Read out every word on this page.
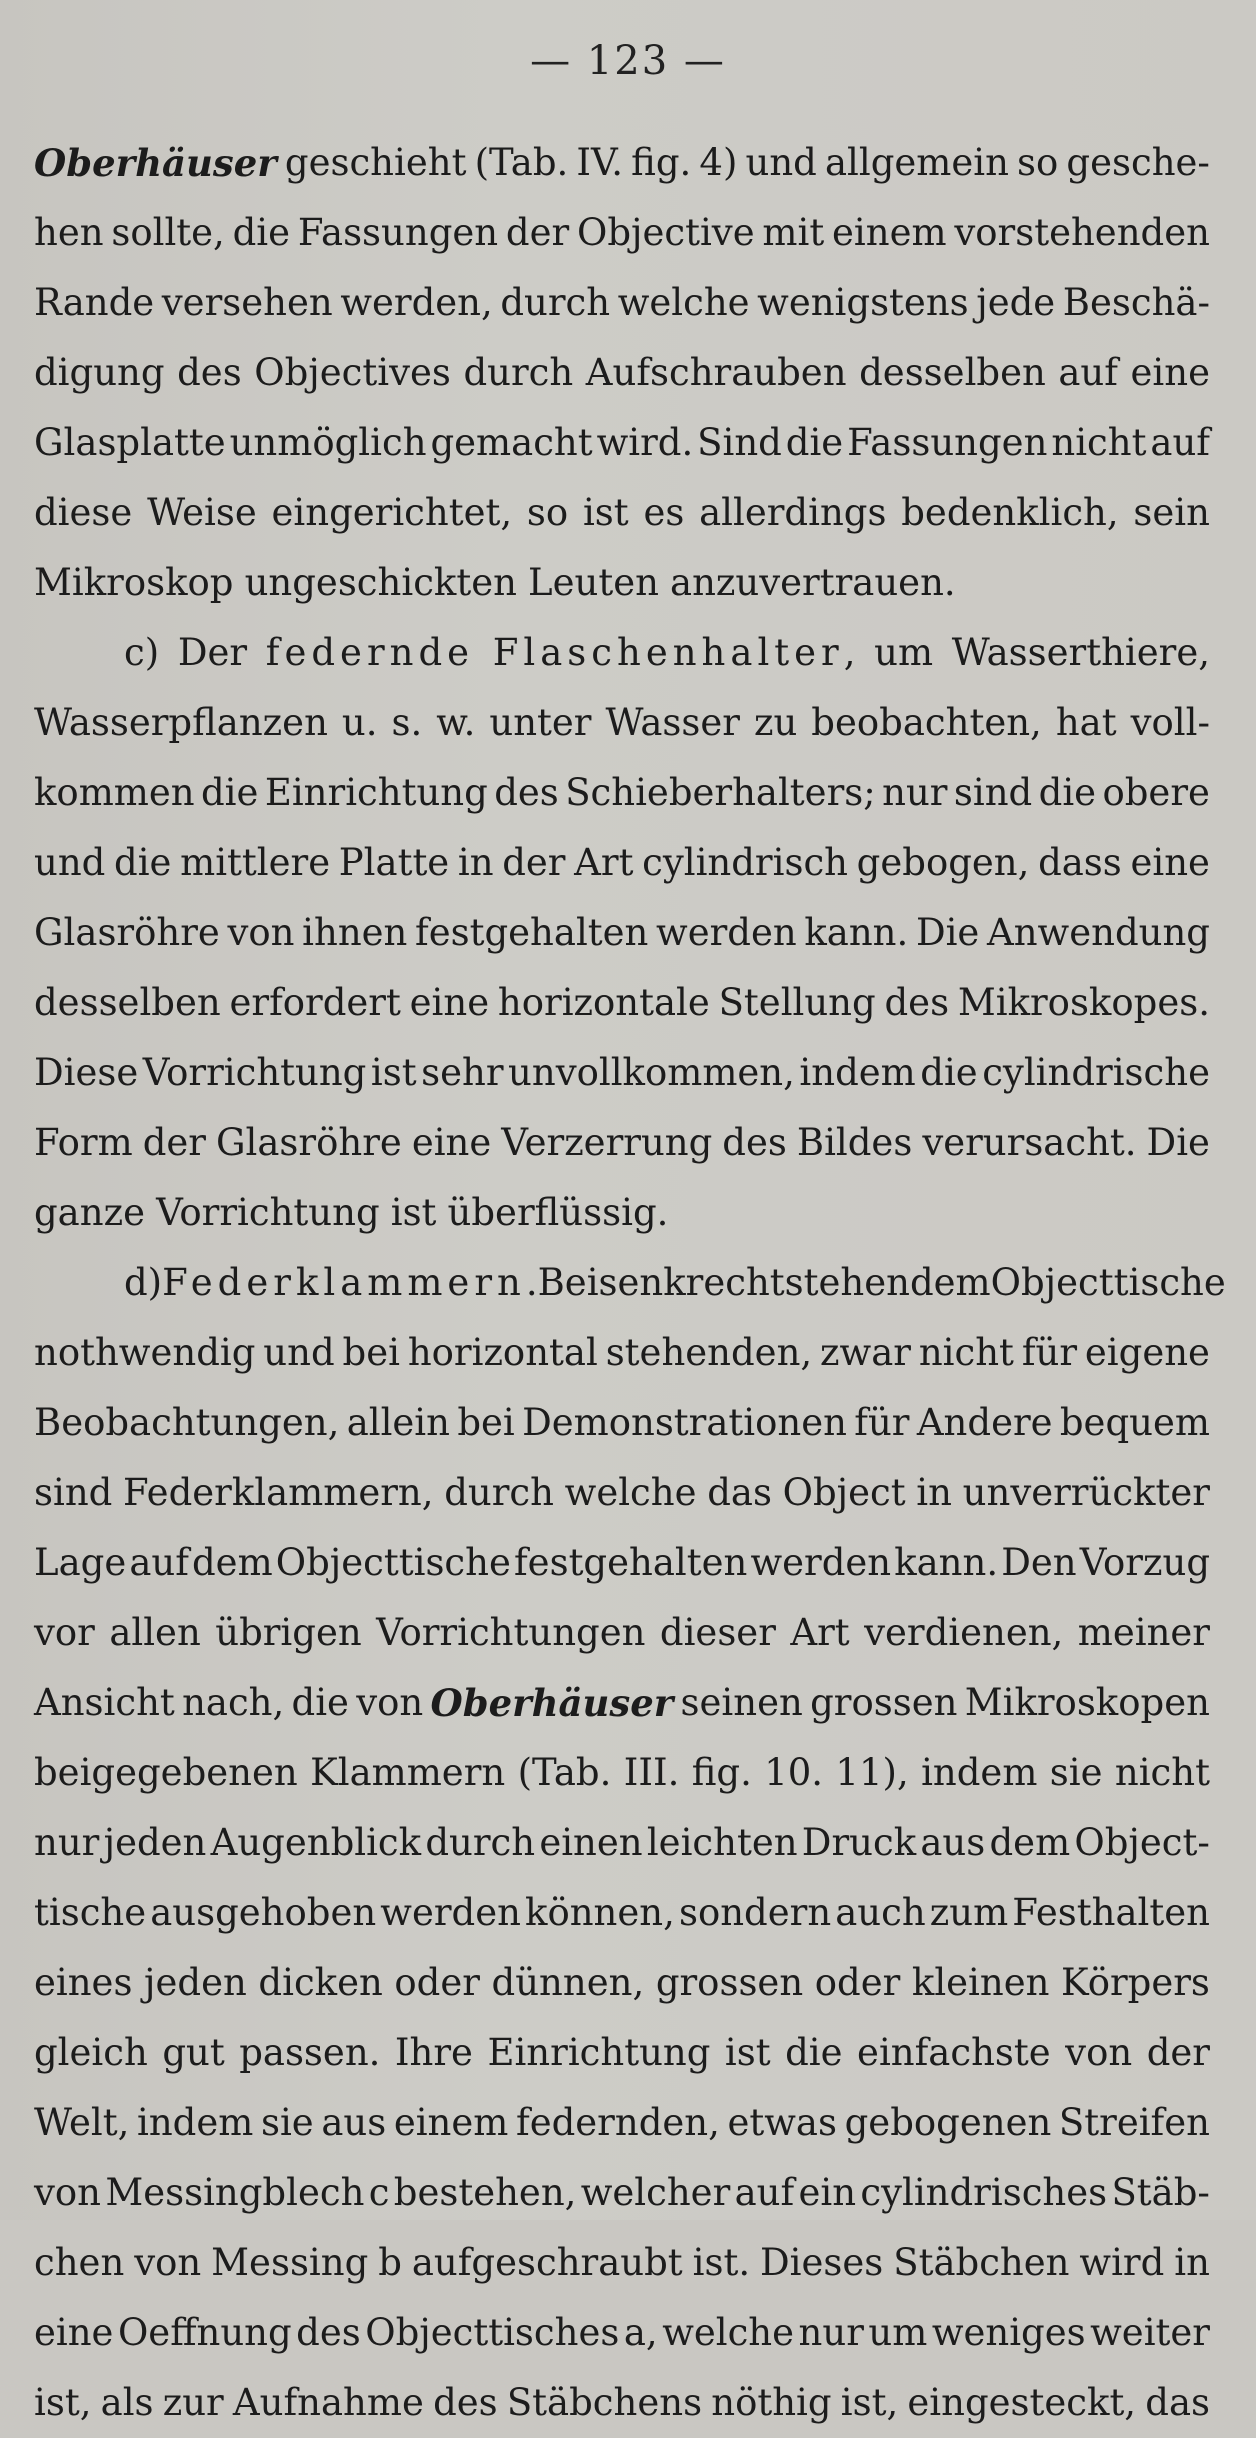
— 123 —
Oberhäuser geschieht (Tab. IV. fig. 4) und allgemein so gesche-
hen sollte, die Fassungen der Objective mit einem vorstehenden
Rande versehen werden, durch welche wenigstens jede Beschä-
digung des Objectives durch Aufschrauben desselben auf eine
Glasplatte unmöglich gemacht wird. Sind die Fassungen nicht auf
diese Weise eingerichtet, so ist es allerdings bedenklich, sein
Mikroskop ungeschickten Leuten anzuvertrauen.
c) Der federnde Flaschenhalter, um Wasserthiere,
Wasserpflanzen u. s. w. unter Wasser zu beobachten, hat voll-
kommen die Einrichtung des Schieberhalters; nur sind die obere
und die mittlere Platte in der Art cylindrisch gebogen, dass eine
Glasröhre von ihnen festgehalten werden kann. Die Anwendung
desselben erfordert eine horizontale Stellung des Mikroskopes.
Diese Vorrichtung ist sehr unvollkommen, indem die cylindrische
Form der Glasröhre eine Verzerrung des Bildes verursacht. Die
ganze Vorrichtung ist überflüssig.
d) Federklammern. Bei senkrecht stehendem Objecttische
nothwendig und bei horizontal stehenden, zwar nicht für eigene
Beobachtungen, allein bei Demonstrationen für Andere bequem
sind Federklammern, durch welche das Object in unverrückter
Lage auf dem Objecttische festgehalten werden kann. Den Vorzug
vor allen übrigen Vorrichtungen dieser Art verdienen, meiner
Ansicht nach, die von Oberhäuser seinen grossen Mikroskopen
beigegebenen Klammern (Tab. III. fig. 10. 11), indem sie nicht
nur jeden Augenblick durch einen leichten Druck aus dem Object-
tische ausgehoben werden können, sondern auch zum Festhalten
eines jeden dicken oder dünnen, grossen oder kleinen Körpers
gleich gut passen. Ihre Einrichtung ist die einfachste von der
Welt, indem sie aus einem federnden, etwas gebogenen Streifen
von Messingblech c bestehen, welcher auf ein cylindrisches Stäb-
chen von Messing b aufgeschraubt ist. Dieses Stäbchen wird in
eine Oeffnung des Objecttisches a, welche nur um weniges weiter
ist, als zur Aufnahme des Stäbchens nöthig ist, eingesteckt, das
